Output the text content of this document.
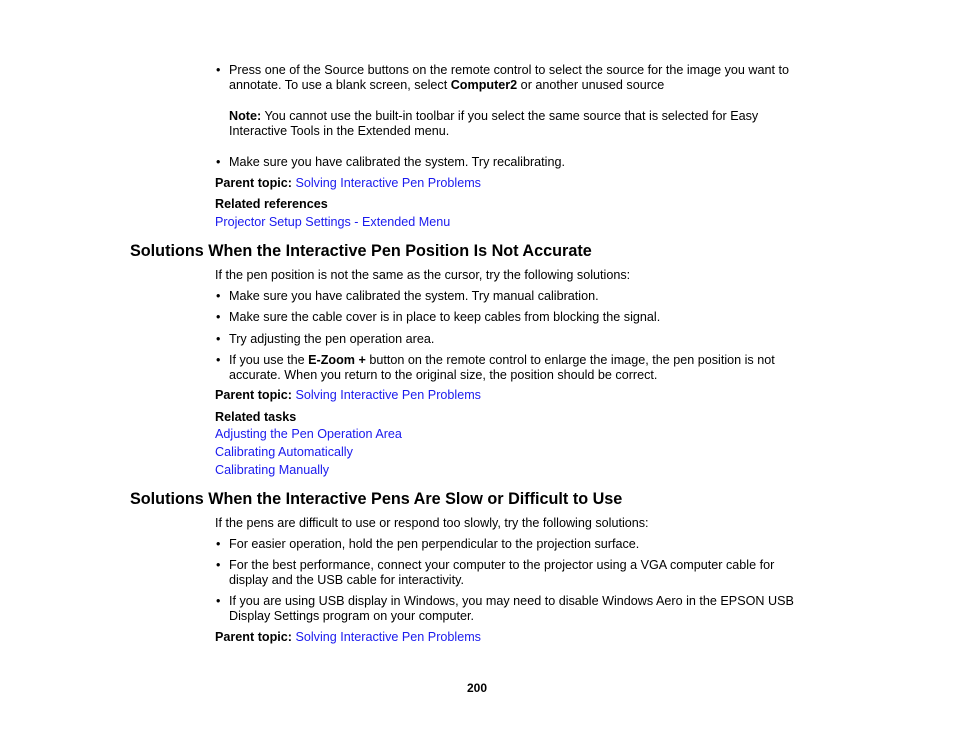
• Press one of the Source buttons on the remote control to select the source for the image you want to
annotate. To use a blank screen, select Computer2 or another unused source
Note: You cannot use the built-in toolbar if you select the same source that is selected for Easy
Interactive Tools in the Extended menu.
• Make sure you have calibrated the system. Try recalibrating.
Parent topic: Solving Interactive Pen Problems
Related references
Projector Setup Settings - Extended Menu
Solutions When the Interactive Pen Position Is Not Accurate
If the pen position is not the same as the cursor, try the following solutions:
• Make sure you have calibrated the system. Try manual calibration.
• Make sure the cable cover is in place to keep cables from blocking the signal.
• Try adjusting the pen operation area.
• If you use the E-Zoom + button on the remote control to enlarge the image, the pen position is not
accurate. When you return to the original size, the position should be correct.
Parent topic: Solving Interactive Pen Problems
Related tasks
Adjusting the Pen Operation Area
Calibrating Automatically
Calibrating Manually
Solutions When the Interactive Pens Are Slow or Difficult to Use
If the pens are difficult to use or respond too slowly, try the following solutions:
• For easier operation, hold the pen perpendicular to the projection surface.
• For the best performance, connect your computer to the projector using a VGA computer cable for
display and the USB cable for interactivity.
• If you are using USB display in Windows, you may need to disable Windows Aero in the EPSON USB
Display Settings program on your computer.
Parent topic: Solving Interactive Pen Problems
200
